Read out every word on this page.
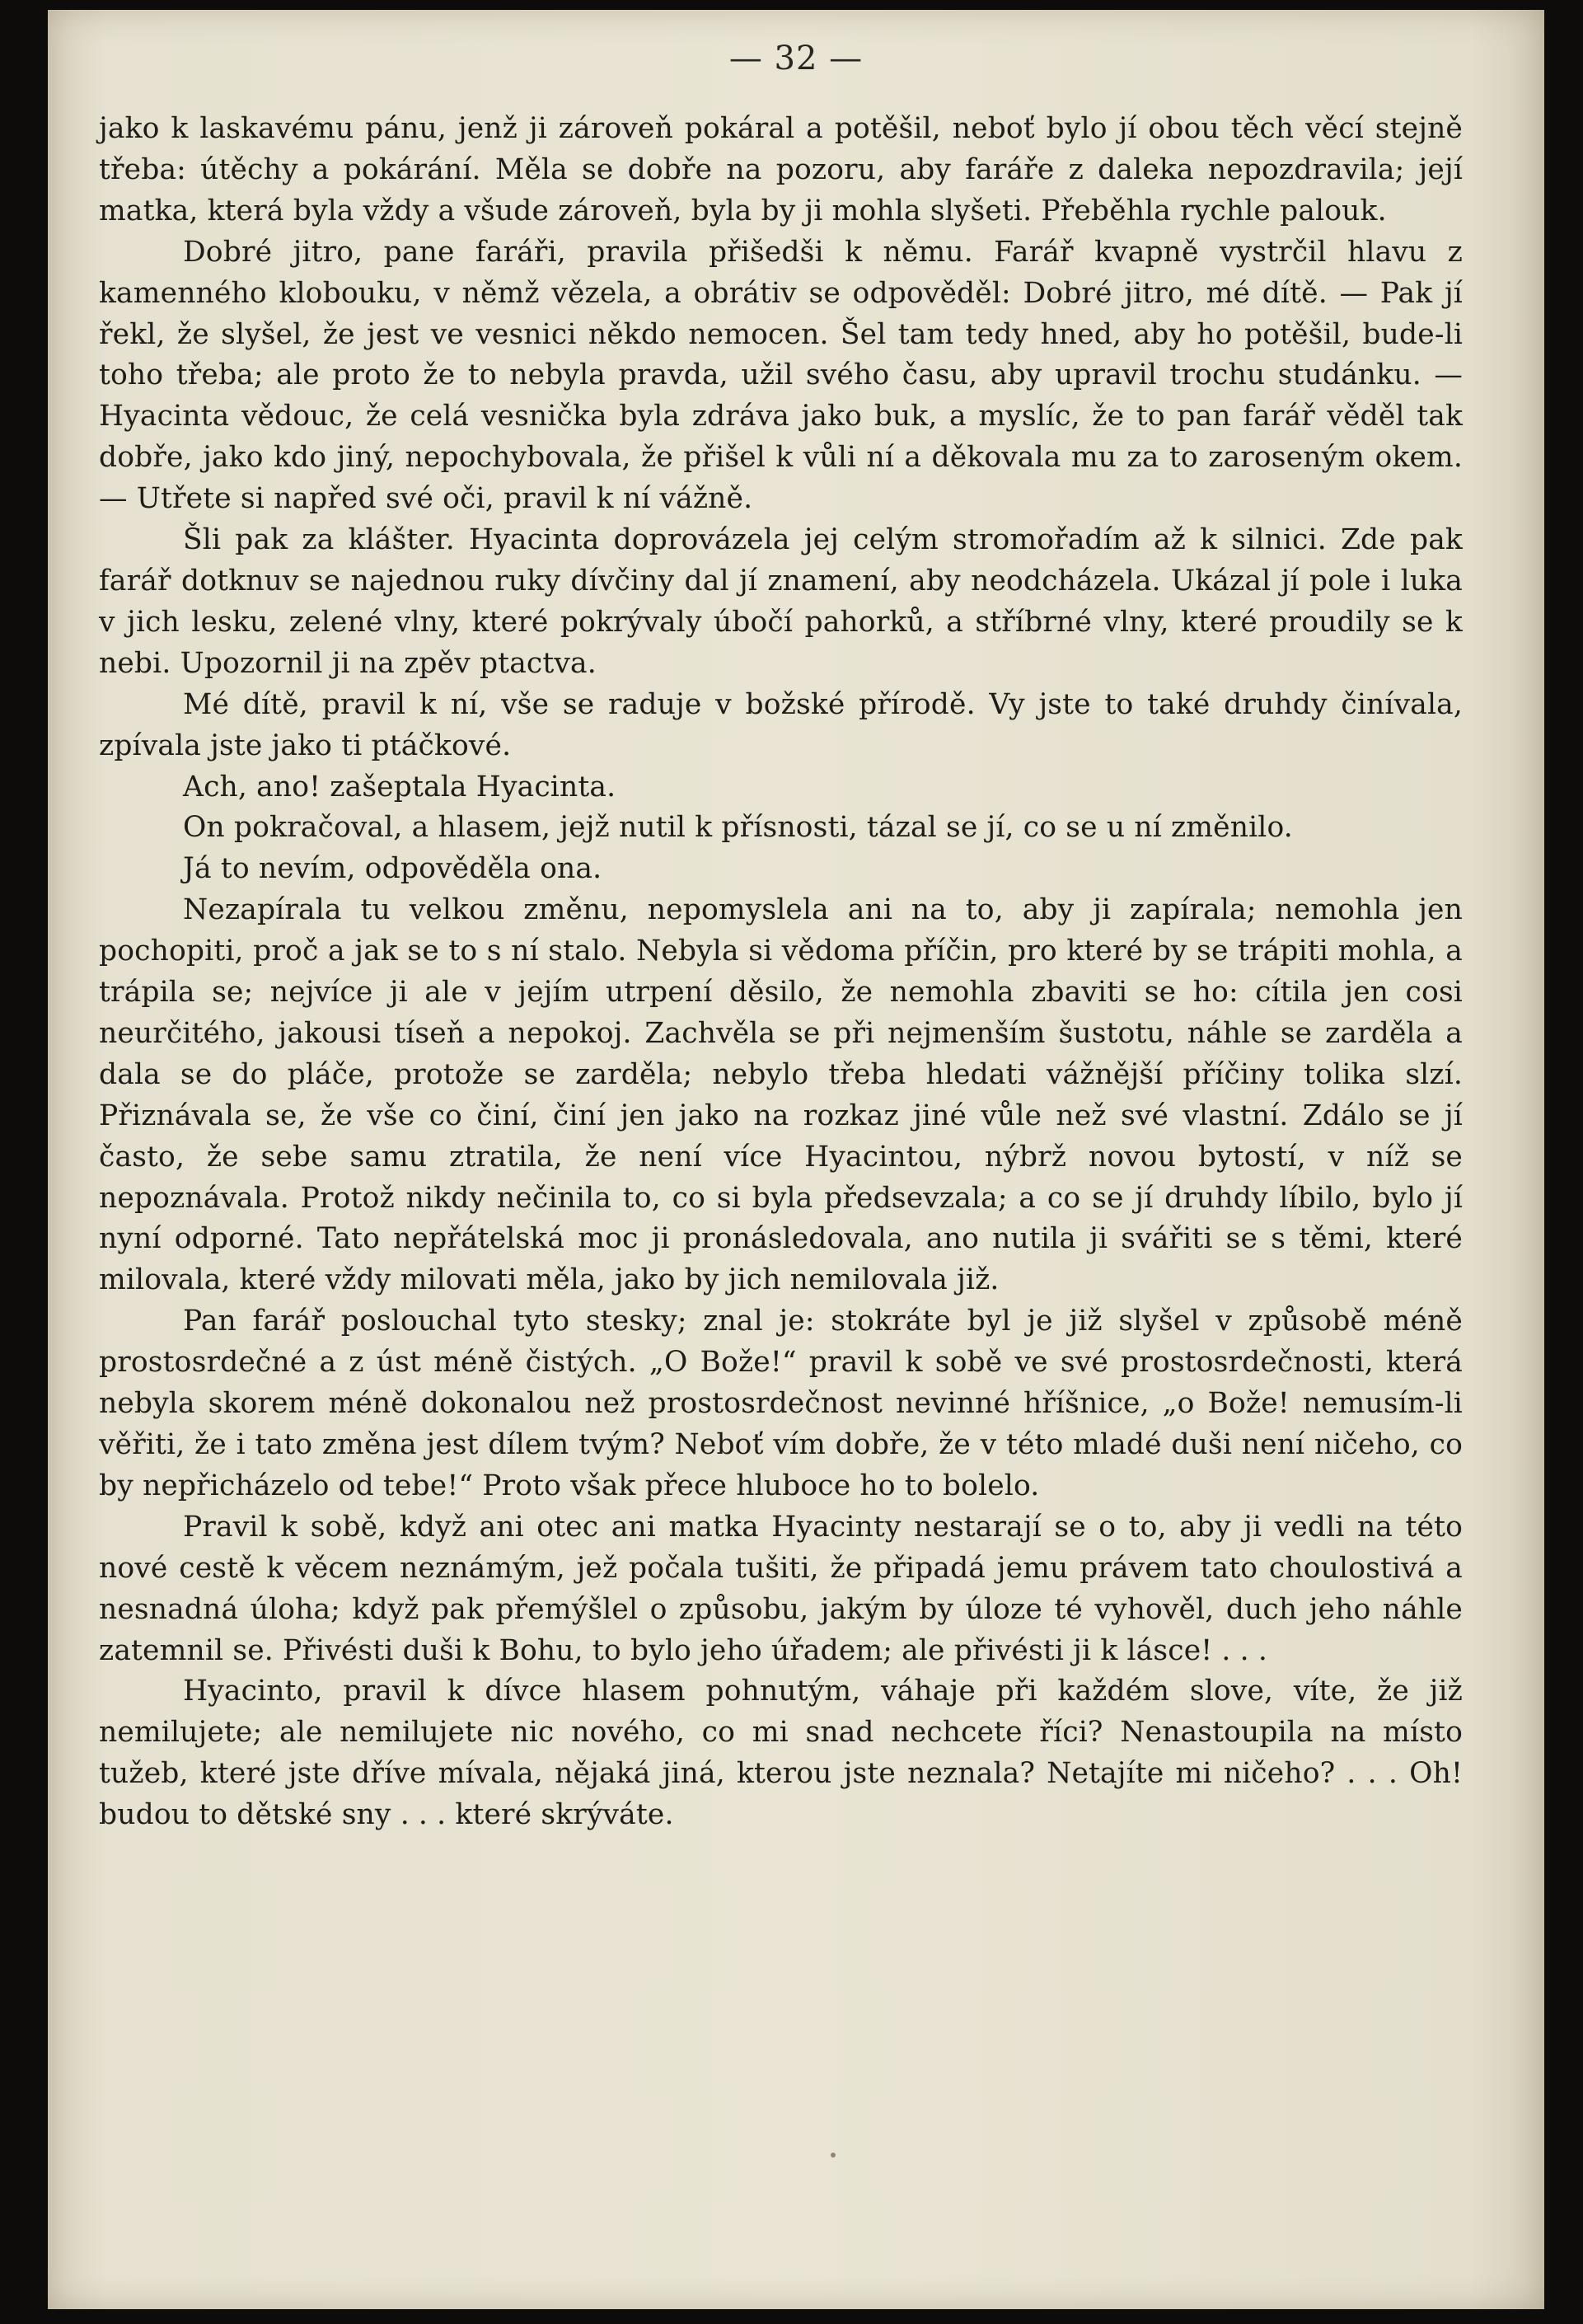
— 32 —

jako k laskavému pánu, jenž ji zároveň pokáral a potěšil, neboť bylo jí obou těch věcí stejně třeba: útěchy a pokárání. Měla se dobře na pozoru, aby faráře z daleka nepozdravila; její matka, která byla vždy a všude zároveň, byla by ji mohla slyšeti. Přeběhla rychle palouk.

Dobré jitro, pane faráři, pravila přišedši k němu. Farář kvapně vystrčil hlavu z kamenného klobouku, v němž vězela, a obrátiv se odpověděl: Dobré jitro, mé dítě. — Pak jí řekl, že slyšel, že jest ve vesnici někdo nemocen. Šel tam tedy hned, aby ho potěšil, bude-li toho třeba; ale proto že to nebyla pravda, užil svého času, aby upravil trochu studánku. — Hyacinta vědouc, že celá vesnička byla zdráva jako buk, a myslíc, že to pan farář věděl tak dobře, jako kdo jiný, nepochybovala, že přišel k vůli ní a děkovala mu za to zaroseným okem. — Utřete si napřed své oči, pravil k ní vážně.

Šli pak za klášter. Hyacinta doprovázela jej celým stromořadím až k silnici. Zde pak farář dotknuv se najednou ruky dívčiny dal jí znamení, aby neodcházela. Ukázal jí pole i luka v jich lesku, zelené vlny, které pokrývaly úbočí pahorků, a stříbrné vlny, které proudily se k nebi. Upozornil ji na zpěv ptactva.

Mé dítě, pravil k ní, vše se raduje v božské přírodě. Vy jste to také druhdy činívala, zpívala jste jako ti ptáčkové.

Ach, ano! zašeptala Hyacinta.

On pokračoval, a hlasem, jejž nutil k přísnosti, tázal se jí, co se u ní změnilo.

Já to nevím, odpověděla ona.

Nezapírala tu velkou změnu, nepomyslela ani na to, aby ji zapírala; nemohla jen pochopiti, proč a jak se to s ní stalo. Nebyla si vědoma příčin, pro které by se trápiti mohla, a trápila se; nejvíce ji ale v jejím utrpení děsilo, že nemohla zbaviti se ho: cítila jen cosi neurčitého, jakousi tíseň a nepokoj. Zachvěla se při nejmenším šustotu, náhle se zarděla a dala se do pláče, protože se zarděla; nebylo třeba hledati vážnější příčiny tolika slzí. Přiznávala se, že vše co činí, činí jen jako na rozkaz jiné vůle než své vlastní. Zdálo se jí často, že sebe samu ztratila, že není více Hyacintou, nýbrž novou bytostí, v níž se nepoznávala. Protož nikdy nečinila to, co si byla předsevzala; a co se jí druhdy líbilo, bylo jí nyní odporné. Tato nepřátelská moc ji pronásledovala, ano nutila ji svářiti se s těmi, které milovala, které vždy milovati měla, jako by jich nemilovala již.

Pan farář poslouchal tyto stesky; znal je: stokráte byl je již slyšel v způsobě méně prostosrdečné a z úst méně čistých. „O Bože!“ pravil k sobě ve své prostosrdečnosti, která nebyla skorem méně dokonalou než prostosrdečnost nevinné hříšnice, „o Bože! nemusím-li věřiti, že i tato změna jest dílem tvým? Neboť vím dobře, že v této mladé duši není ničeho, co by nepřicházelo od tebe!“ Proto však přece hluboce ho to bolelo.

Pravil k sobě, když ani otec ani matka Hyacinty nestarají se o to, aby ji vedli na této nové cestě k věcem neznámým, jež počala tušiti, že připadá jemu právem tato choulostivá a nesnadná úloha; když pak přemýšlel o způsobu, jakým by úloze té vyhověl, duch jeho náhle zatemnil se. Přivésti duši k Bohu, to bylo jeho úřadem; ale přivésti ji k lásce! . . .

Hyacinto, pravil k dívce hlasem pohnutým, váhaje při každém slove, víte, že již nemilujete; ale nemilujete nic nového, co mi snad nechcete říci? Nenastoupila na místo tužeb, které jste dříve mívala, nějaká jiná, kterou jste neznala? Netajíte mi ničeho? . . . Oh! budou to dětské sny . . . které skrýváte.
